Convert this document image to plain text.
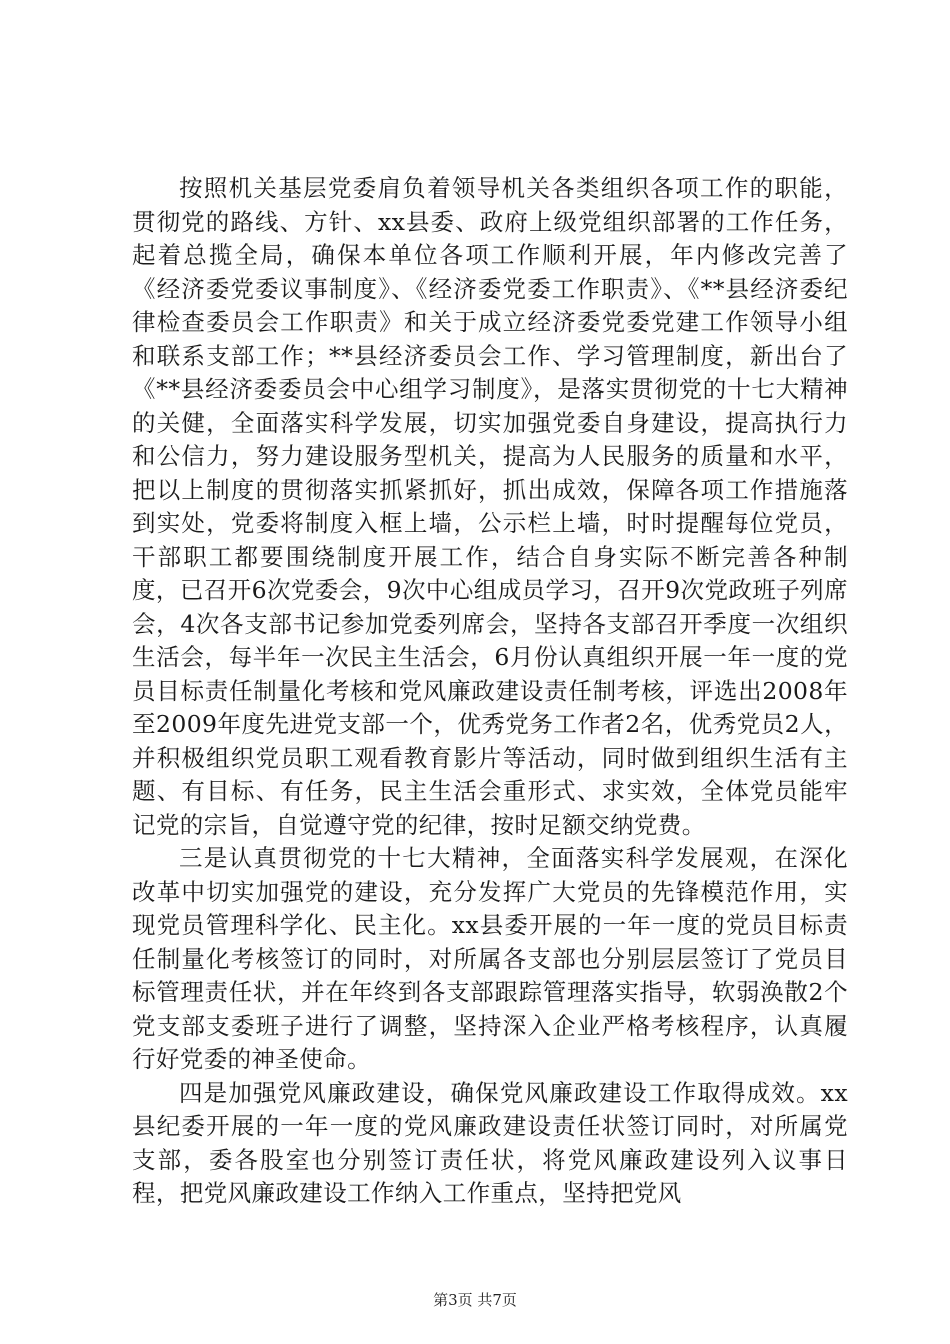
按照机关基层党委肩负着领导机关各类组织各项工作的职能，贯彻党的路线、方针、xx县委、政府上级党组织部署的工作任务，起着总揽全局，确保本单位各项工作顺利开展，年内修改完善了《经济委党委议事制度》、《经济委党委工作职责》、《**县经济委纪律检查委员会工作职责》和关于成立经济委党委党建工作领导小组和联系支部工作；**县经济委员会工作、学习管理制度，新出台了《**县经济委委员会中心组学习制度》，是落实贯彻党的十七大精神的关健，全面落实科学发展，切实加强党委自身建设，提高执行力和公信力，努力建设服务型机关，提高为人民服务的质量和水平，把以上制度的贯彻落实抓紧抓好，抓出成效，保障各项工作措施落到实处，党委将制度入框上墙，公示栏上墙，时时提醒每位党员，干部职工都要围绕制度开展工作，结合自身实际不断完善各种制度，已召开6次党委会，9次中心组成员学习，召开9次党政班子列席会，4次各支部书记参加党委列席会，坚持各支部召开季度一次组织生活会，每半年一次民主生活会，6月份认真组织开展一年一度的党员目标责任制量化考核和党风廉政建设责任制考核，评选出2008年至2009年度先进党支部一个，优秀党务工作者2名，优秀党员2人，并积极组织党员职工观看教育影片等活动，同时做到组织生活有主题、有目标、有任务，民主生活会重形式、求实效，全体党员能牢记党的宗旨，自觉遵守党的纪律，按时足额交纳党费。

三是认真贯彻党的十七大精神，全面落实科学发展观，在深化改革中切实加强党的建设，充分发挥广大党员的先锋模范作用，实现党员管理科学化、民主化。xx县委开展的一年一度的党员目标责任制量化考核签订的同时，对所属各支部也分别层层签订了党员目标管理责任状，并在年终到各支部跟踪管理落实指导，软弱涣散2个党支部支委班子进行了调整，坚持深入企业严格考核程序，认真履行好党委的神圣使命。

四是加强党风廉政建设，确保党风廉政建设工作取得成效。xx县纪委开展的一年一度的党风廉政建设责任状签订同时，对所属党支部，委各股室也分别签订责任状，将党风廉政建设列入议事日程，把党风廉政建设工作纳入工作重点，坚持把党风

第3页 共7页
